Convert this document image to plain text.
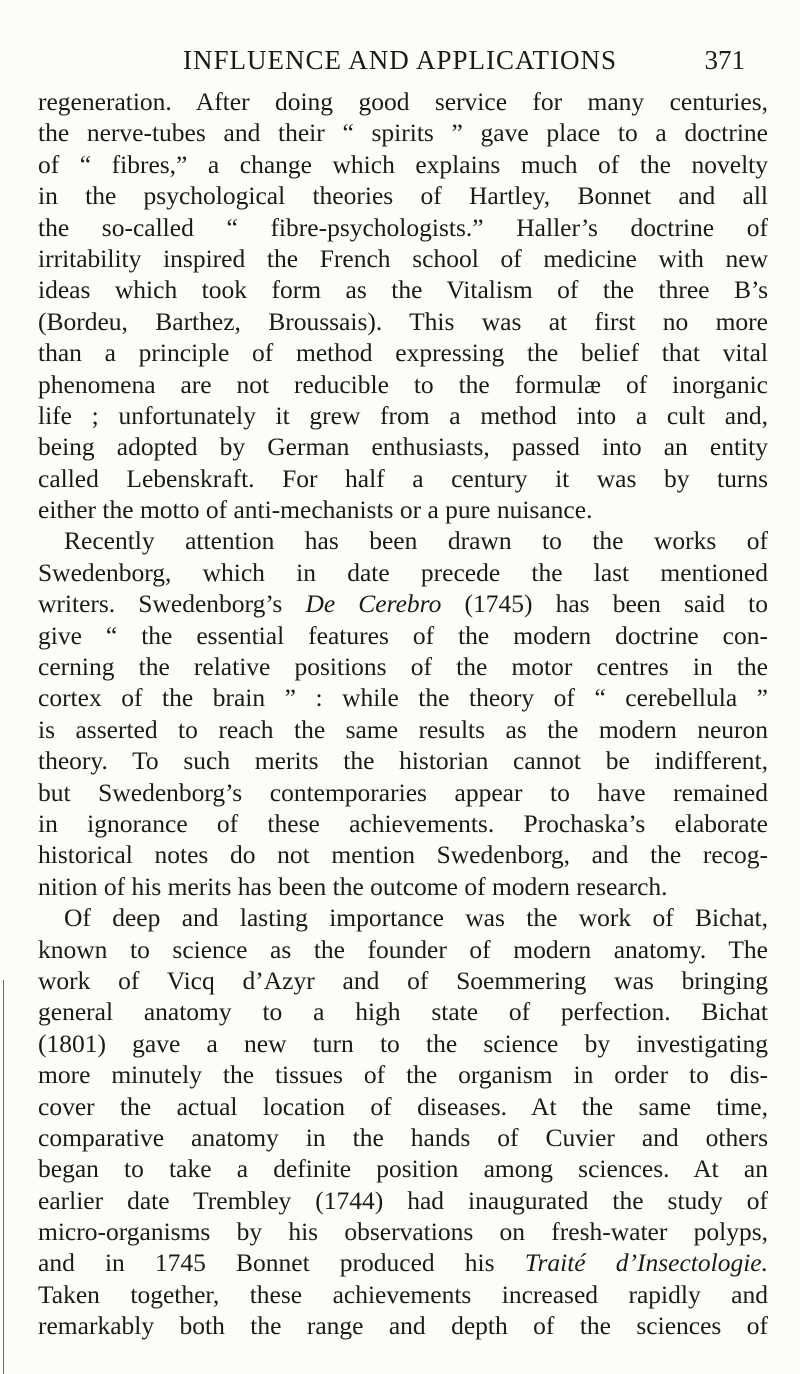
INFLUENCE AND APPLICATIONS	371
regeneration. After doing good service for many centuries,
the nerve-tubes and their “ spirits ” gave place to a doctrine
of “ fibres,” a change which explains much of the novelty
in the psychological theories of Hartley, Bonnet and all
the so-called “ fibre-psychologists.” Haller’s doctrine of
irritability inspired the French school of medicine with new
ideas which took form as the Vitalism of the three B’s
(Bordeu, Barthez, Broussais). This was at first no more
than a principle of method expressing the belief that vital
phenomena are not reducible to the formulæ of inorganic
life ; unfortunately it grew from a method into a cult and,
being adopted by German enthusiasts, passed into an entity
called Lebenskraft. For half a century it was by turns
either the motto of anti-mechanists or a pure nuisance.
Recently attention has been drawn to the works of
Swedenborg, which in date precede the last mentioned
writers. Swedenborg’s De Cerebro (1745) has been said to
give “ the essential features of the modern doctrine con-
cerning the relative positions of the motor centres in the
cortex of the brain ” : while the theory of “ cerebellula ”
is asserted to reach the same results as the modern neuron
theory. To such merits the historian cannot be indifferent,
but Swedenborg’s contemporaries appear to have remained
in ignorance of these achievements. Prochaska’s elaborate
historical notes do not mention Swedenborg, and the recog-
nition of his merits has been the outcome of modern research.
Of deep and lasting importance was the work of Bichat,
known to science as the founder of modern anatomy. The
work of Vicq d’Azyr and of Soemmering was bringing
general anatomy to a high state of perfection. Bichat
(1801) gave a new turn to the science by investigating
more minutely the tissues of the organism in order to dis-
cover the actual location of diseases. At the same time,
comparative anatomy in the hands of Cuvier and others
began to take a definite position among sciences. At an
earlier date Trembley (1744) had inaugurated the study of
micro-organisms by his observations on fresh-water polyps,
and in 1745 Bonnet produced his Traité d’Insectologie.
Taken together, these achievements increased rapidly and
remarkably both the range and depth of the sciences of
